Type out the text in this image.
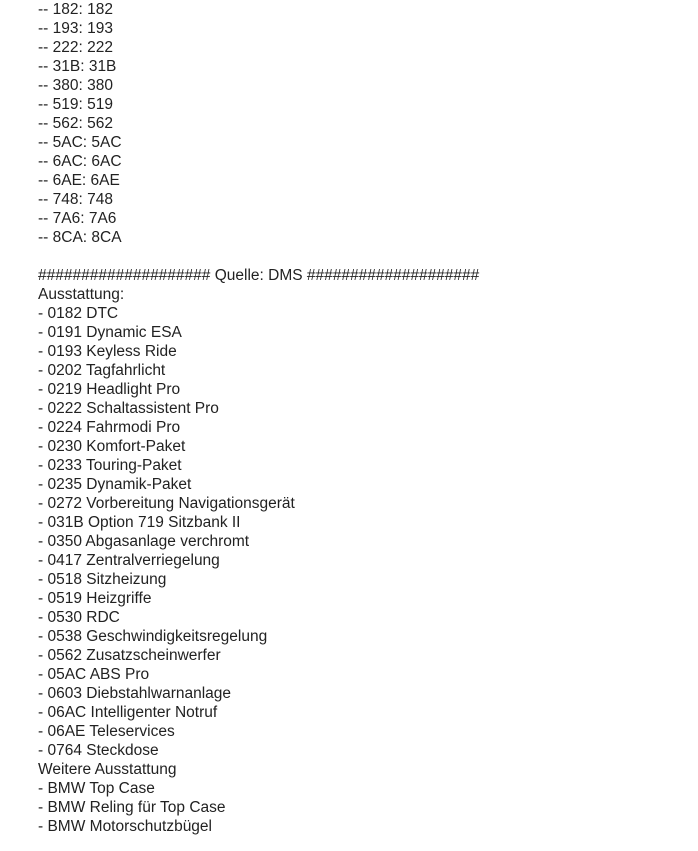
-- 182: 182
-- 193: 193
-- 222: 222
-- 31B: 31B
-- 380: 380
-- 519: 519
-- 562: 562
-- 5AC: 5AC
-- 6AC: 6AC
-- 6AE: 6AE
-- 748: 748
-- 7A6: 7A6
-- 8CA: 8CA
#################### Quelle: DMS ####################
Ausstattung:
- 0182 DTC
- 0191 Dynamic ESA
- 0193 Keyless Ride
- 0202 Tagfahrlicht
- 0219 Headlight Pro
- 0222 Schaltassistent Pro
- 0224 Fahrmodi Pro
- 0230 Komfort-Paket
- 0233 Touring-Paket
- 0235 Dynamik-Paket
- 0272 Vorbereitung Navigationsgerät
- 031B Option 719 Sitzbank II
- 0350 Abgasanlage verchromt
- 0417 Zentralverriegelung
- 0518 Sitzheizung
- 0519 Heizgriffe
- 0530 RDC
- 0538 Geschwindigkeitsregelung
- 0562 Zusatzscheinwerfer
- 05AC ABS Pro
- 0603 Diebstahlwarnanlage
- 06AC Intelligenter Notruf
- 06AE Teleservices
- 0764 Steckdose
Weitere Ausstattung
- BMW Top Case
- BMW Reling für Top Case
- BMW Motorschutzbügel
